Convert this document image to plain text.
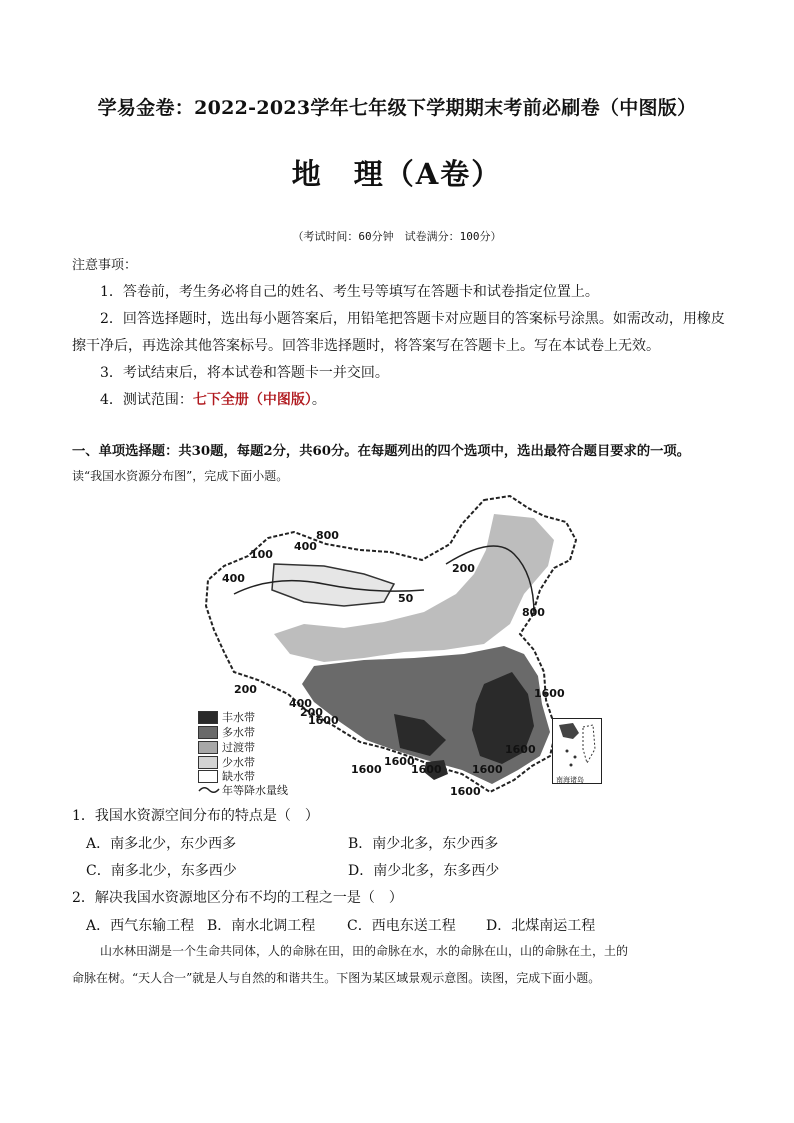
学易金卷：2022-2023学年七年级下学期期末考前必刷卷（中图版）
地　理（A卷）
（考试时间：60分钟　试卷满分：100分）
注意事项：
1．答卷前，考生务必将自己的姓名、考生号等填写在答题卡和试卷指定位置上。
2．回答选择题时，选出每小题答案后，用铅笔把答题卡对应题目的答案标号涂黑。如需改动，用橡皮
擦干净后，再选涂其他答案标号。回答非选择题时，将答案写在答题卡上。写在本试卷上无效。
3．考试结束后，将本试卷和答题卡一并交回。
4．测试范围：七下全册（中图版）。
一、单项选择题：共30题，每题2分，共60分。在每题列出的四个选项中，选出最符合题目要求的一项。
读“我国水资源分布图”，完成下面小题。
800
400
100
50
200
400
200
800
200
400
1600
1600
1600
1600
1600	1600	1600
1600
南海诸岛
丰水带
多水带
过渡带
少水带
缺水带
年等降水量线
1．我国水资源空间分布的特点是（　）
A．南多北少，东少西多	B．南少北多，东少西多
C．南多北少，东多西少	D．南少北多，东多西少
2．解决我国水资源地区分布不均的工程之一是（　）
A．西气东输工程 B．南水北调工程 C．西电东送工程 D．北煤南运工程
山水林田湖是一个生命共同体，人的命脉在田，田的命脉在水，水的命脉在山，山的命脉在土，土的
命脉在树。“天人合一”就是人与自然的和谐共生。下图为某区域景观示意图。读图，完成下面小题。
